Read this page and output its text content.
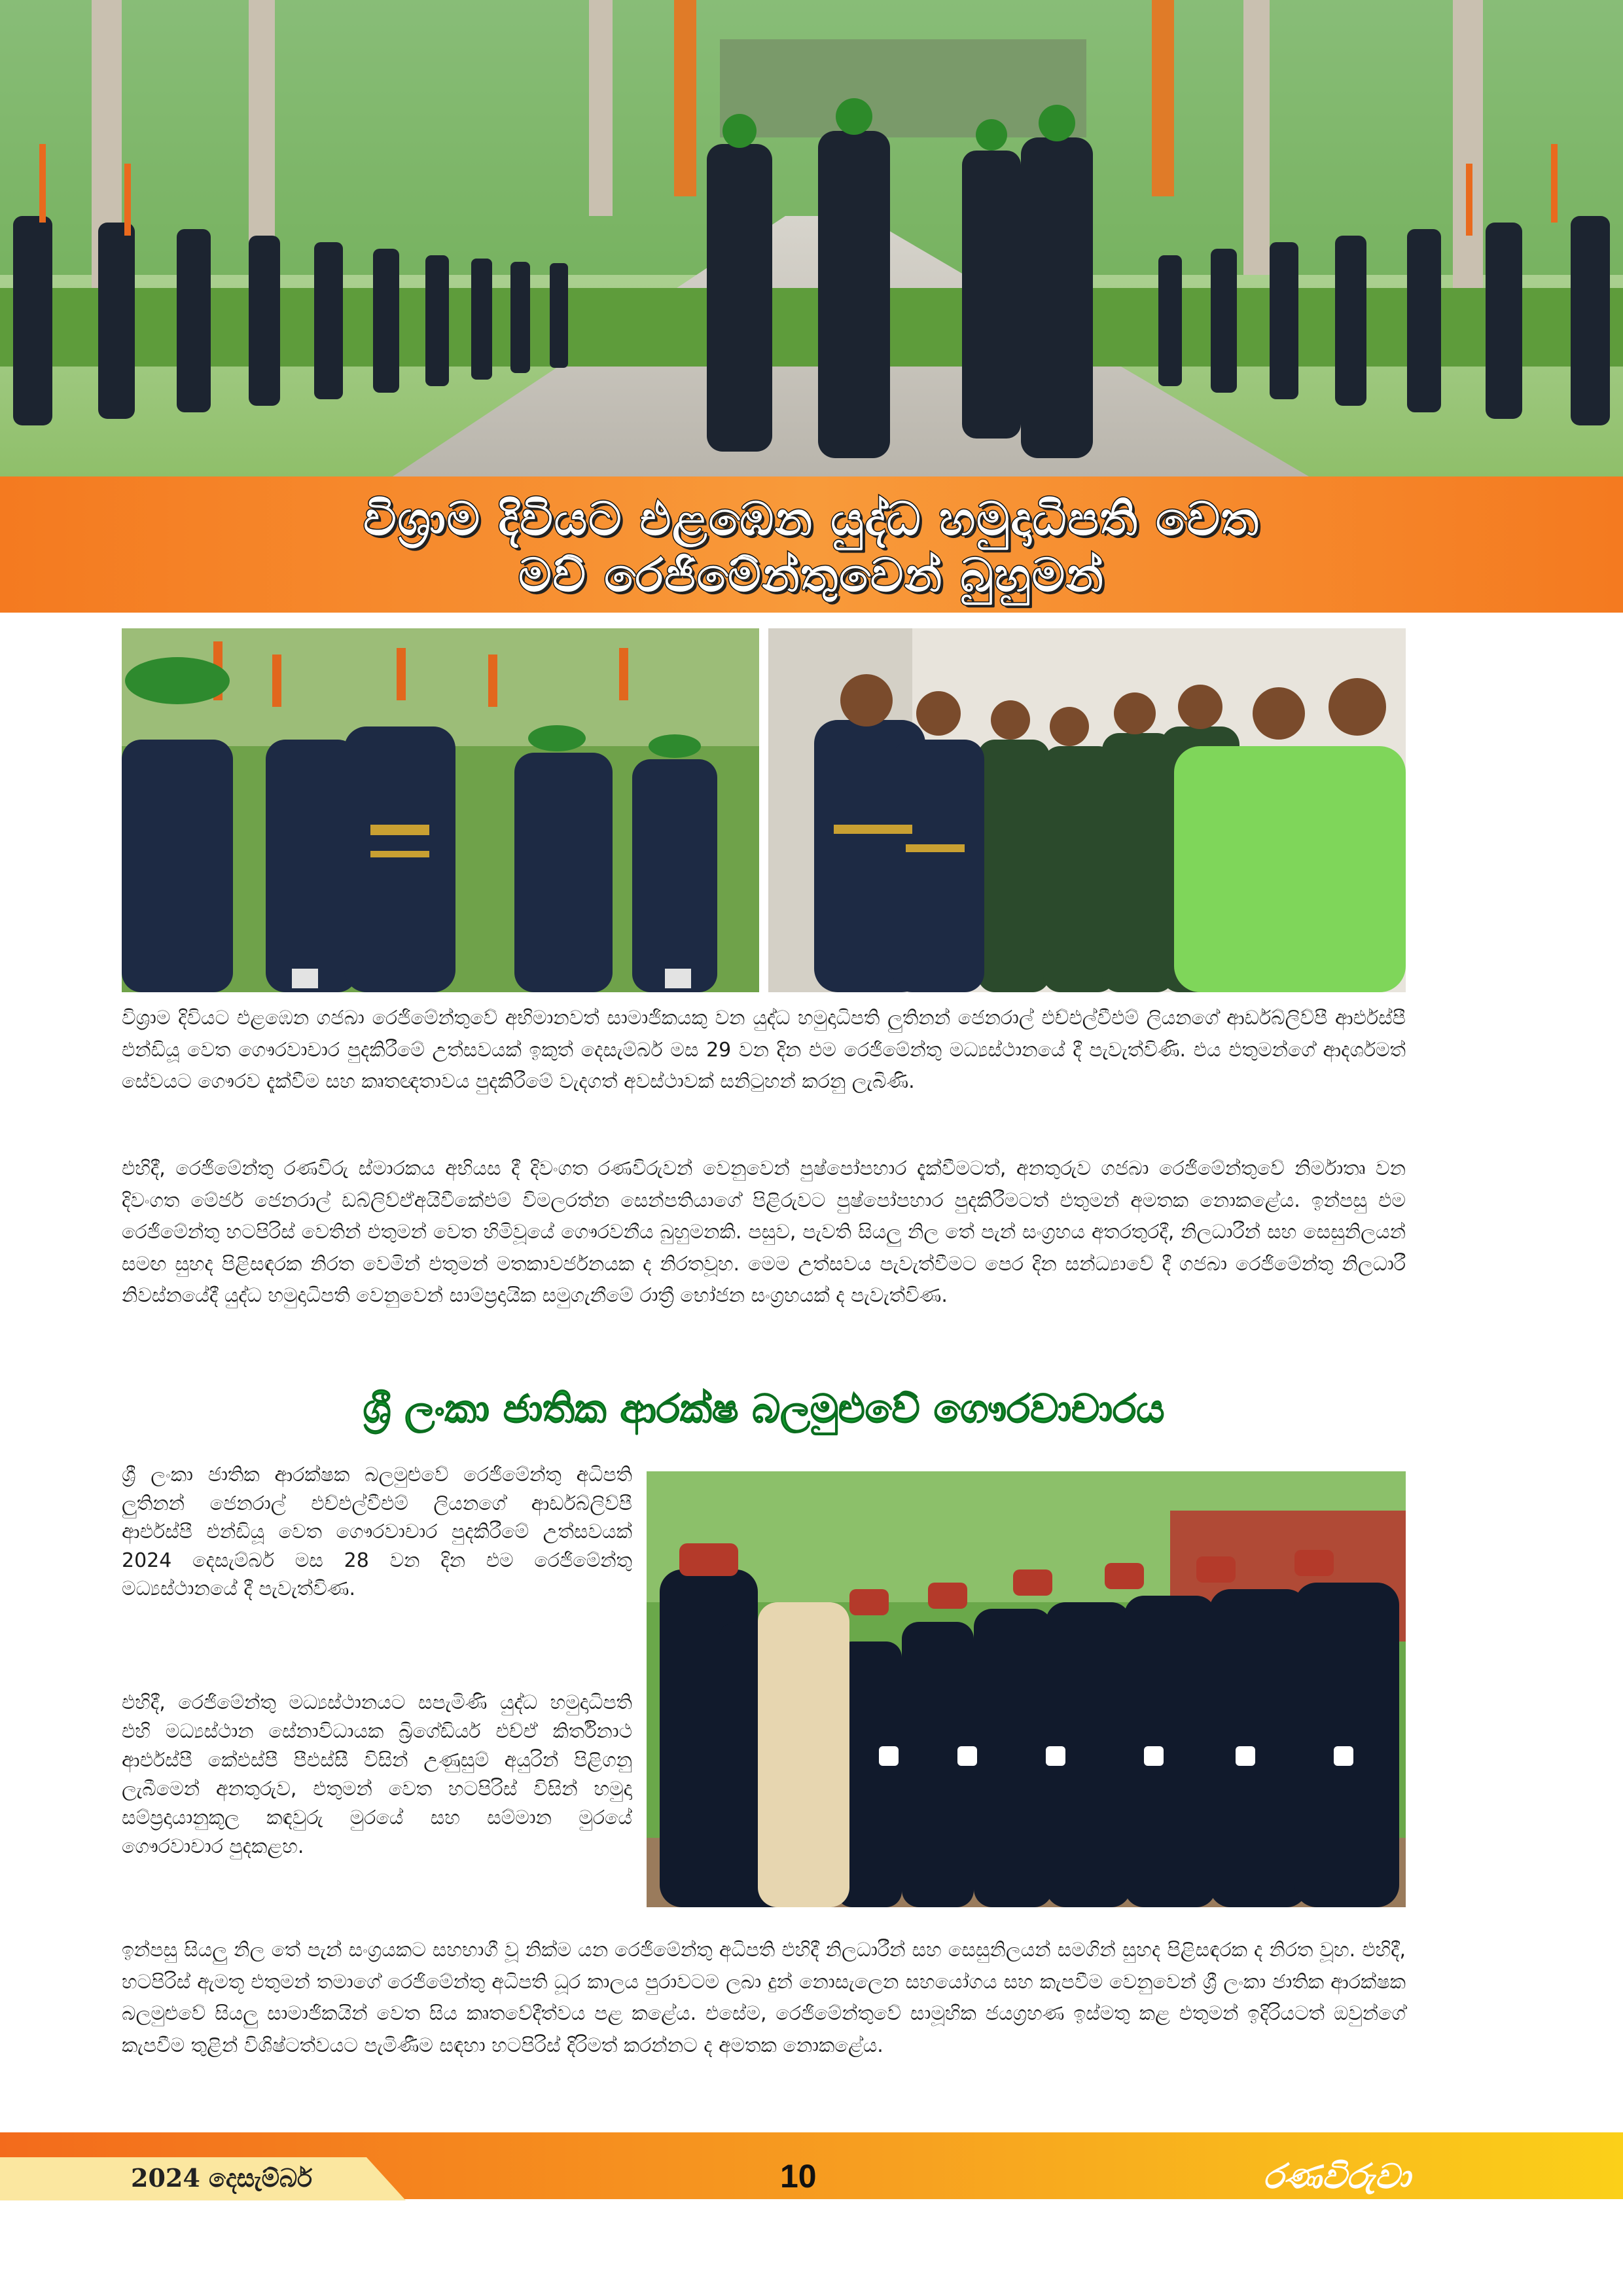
විශ්‍රාම දිවියට එළඹෙන යුද්ධ හමුදාධිපති වෙත
මව් රෙජිමේන්තුවෙන් බුහුමන්
විශ්‍රාම දිවියට එළඹෙන ගජබා රෙජිමේන්තුවේ අභිමානවත් සාමාජිකයකු වන යුද්ධ හමුදාධිපති ලුතිනන් ජෙනරාල් එච්එල්වීඑම් ලියනගේ ආර්ඩබ්ලිව්පී ආර්එස්පී එන්ඩියූ වෙත ගෞරවාචාර පුදකිරීමේ උත්සවයක් ඉකුත් දෙසැම්බර් මස 29 වන දින එම රෙජිමේන්තු මධ්‍යස්ථානයේ දී පැවැත්විණි. එය එතුමන්ගේ ආදර්ශමත් සේවයට ගෞරව දැක්වීම සහ කෘතඥතාවය පුදකිරීමේ වැදගත් අවස්ථාවක් සනිටුහන් කරනු ලැබිණි.
එහිදී, රෙජිමේන්තු රණවිරු ස්මාරකය අභියස දී දිවංගත රණවිරුවන් වෙනුවෙන් පුෂ්පෝපහාර දැක්වීමටත්, අනතුරුව ගජබා රෙජිමේන්තුවේ නිර්මාතෘ වන දිවංගත මේජර් ජෙනරාල් ඩබ්ලිව්ඒඅයිවීකේඑම් විමලරත්න සෙන්පතියාගේ පිළිරුවට පුෂ්පෝපහාර පුදකිරීමටත් එතුමන් අමතක නොකළේය. ඉන්පසු එම රෙජිමේන්තු හටපිරිස් වෙතින් එතුමන් වෙත හිමිවූයේ ගෞරවනීය බුහුමනකි. පසුව, පැවති සියලු නිල තේ පැන් සංග්‍රහය අතරතුරදී, නිලධාරීන් සහ සෙසුනිලයන් සමඟ සුහද පිළිසඳරක නිරත වෙමින් එතුමන් මතකාවර්ජනයක ද නිරතවූහ. මෙම උත්සවය පැවැත්වීමට පෙර දින සන්ධ්‍යාවේ දී ගජබා රෙජිමේන්තු නිලධාරී නිවස්නයේදී යුද්ධ හමුදාධිපති වෙනුවෙන් සාම්ප්‍රදායික සමුගැනීමේ රාත්‍රී භෝජන සංග්‍රහයක් ද පැවැත්විණ.
ශ්‍රී ලංකා ජාතික ආරක්ෂ බලමුළුවේ ගෞරවාචාරය
ශ්‍රී ලංකා ජාතික ආරක්ෂක බලමුළුවේ රෙජිමේන්තු අධිපති ලුතිනන් ජෙනරාල් එච්එල්වීඑම් ලියනගේ ආර්ඩබ්ලිව්පී ආර්එස්පී එන්ඩියූ වෙත ගෞරවාචාර පුදකිරීමේ උත්සවයක් 2024 දෙසැම්බර් මස 28 වන දින එම රෙජිමේන්තු මධ්‍යස්ථානයේ දී පැවැත්විණ.
එහිදී, රෙජිමේන්තු මධ්‍යස්ථානයට සපැමිණි යුද්ධ හමුදාධිපති එහි මධ්‍යස්ථාන සේනාවිධායක බ්‍රිගේඩියර් එච්ඒ කිර්තිනාථ ආර්එස්පී කේඑස්පී පීඑස්සී විසින් උණුසුම් අයුරින් පිළිගනු ලැබීමෙන් අනතුරුව, එතුමන් වෙත හටපිරිස් විසින් හමුදා සම්ප්‍රදායානුකූල කඳවුරු මුරයේ සහ සම්මාන මුරයේ ගෞරවාචාර පුදකළහ.
ඉන්පසු සියලු නිල තේ පැන් සංග්‍රයකට සහභාගී වූ නික්ම යන රෙජිමේන්තු අධිපති එහිදී නිලධාරීන් සහ සෙසුනිලයන් සමගින් සුහද පිළිසඳරක ද නිරත වූහ. එහිදී, හටපිරිස් ඇමතූ එතුමන් තමාගේ රෙජිමේන්තු අධිපති ධූර කාලය පුරාවටම ලබා දුන් නොසැලෙන සහයෝගය සහ කැපවීම වෙනුවෙන් ශ්‍රී ලංකා ජාතික ආරක්ෂක බලමුළුවේ සියලු සාමාජිකයින් වෙත සිය කෘතවේදීත්වය පළ කළේය. එසේම, රෙජිමේන්තුවේ සාමූහික ජයග්‍රහණ ඉස්මතු කළ එතුමන් ඉදිරියටත් ඔවුන්ගේ කැපවීම තුළින් විශිෂ්ටත්වයට පැමිණීම සඳහා හටපිරිස් දිරිමත් කරන්නට ද අමතක නොකළේය.
2024 දෙසැම්බර්	10	රණවිරුවා
